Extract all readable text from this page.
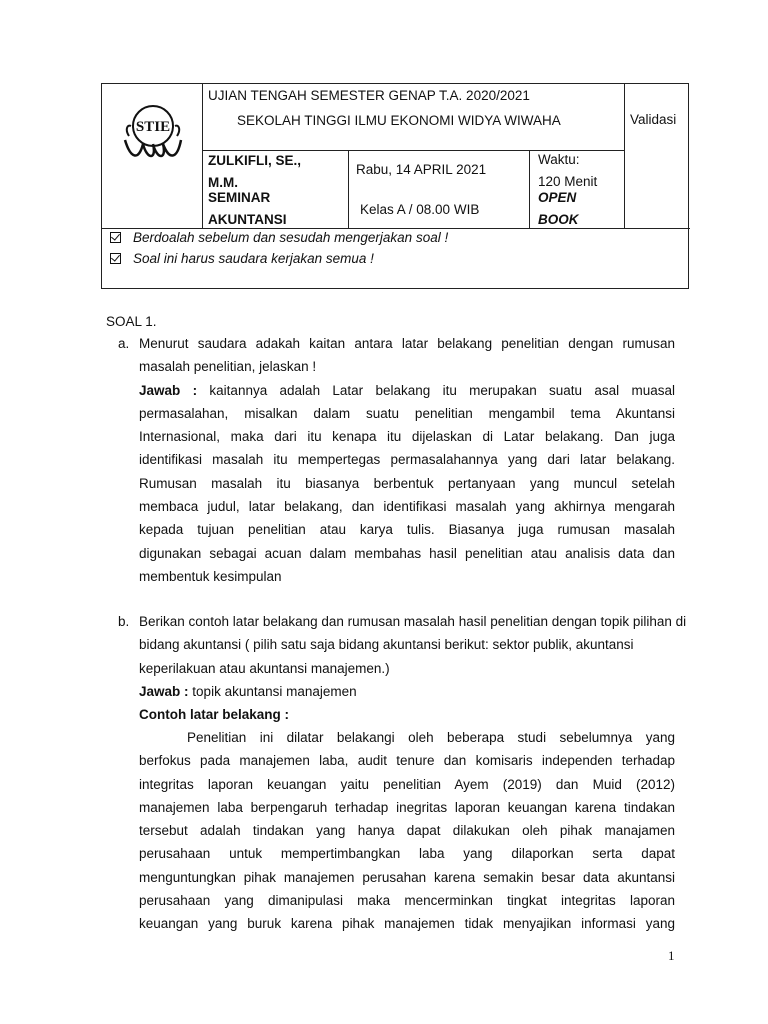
STIE
UJIAN TENGAH SEMESTER GENAP T.A. 2020/2021
SEKOLAH TINGGI ILMU EKONOMI WIDYA WIWAHA	Validasi
ZULKIFLI, SE.,
M.M.
Rabu, 14 APRIL 2021
Waktu:
120 Menit
SEMINAR
AKUNTANSI
Kelas A / 08.00 WIB
OPEN
BOOK
Berdoalah sebelum dan sesudah mengerjakan soal !
Soal ini harus saudara kerjakan semua !
SOAL 1.
a. Menurut saudara adakah kaitan antara latar belakang penelitian dengan rumusan
masalah penelitian, jelaskan !
Jawab : kaitannya adalah Latar belakang itu merupakan suatu asal muasal
permasalahan, misalkan dalam suatu penelitian mengambil tema Akuntansi
Internasional, maka dari itu kenapa itu dijelaskan di Latar belakang. Dan juga
identifikasi masalah itu mempertegas permasalahannya yang dari latar belakang.
Rumusan masalah itu biasanya berbentuk pertanyaan yang muncul setelah
membaca judul, latar belakang, dan identifikasi masalah yang akhirnya mengarah
kepada tujuan penelitian atau karya tulis. Biasanya juga rumusan masalah
digunakan sebagai acuan dalam membahas hasil penelitian atau analisis data dan
membentuk kesimpulan
b. Berikan contoh latar belakang dan rumusan masalah hasil penelitian dengan topik pilihan di
bidang akuntansi ( pilih satu saja bidang akuntansi berikut: sektor publik, akuntansi
keperilakuan atau akuntansi manajemen.)
Jawab : topik akuntansi manajemen
Contoh latar belakang :
Penelitian ini dilatar belakangi oleh beberapa studi sebelumnya yang
berfokus pada manajemen laba, audit tenure dan komisaris independen terhadap
integritas laporan keuangan yaitu penelitian Ayem (2019) dan Muid (2012)
manajemen laba berpengaruh terhadap inegritas laporan keuangan karena tindakan
tersebut adalah tindakan yang hanya dapat dilakukan oleh pihak manajamen
perusahaan untuk mempertimbangkan laba yang dilaporkan serta dapat
menguntungkan pihak manajemen perusahan karena semakin besar data akuntansi
perusahaan yang dimanipulasi maka mencerminkan tingkat integritas laporan
keuangan yang buruk karena pihak manajemen tidak menyajikan informasi yang
1
